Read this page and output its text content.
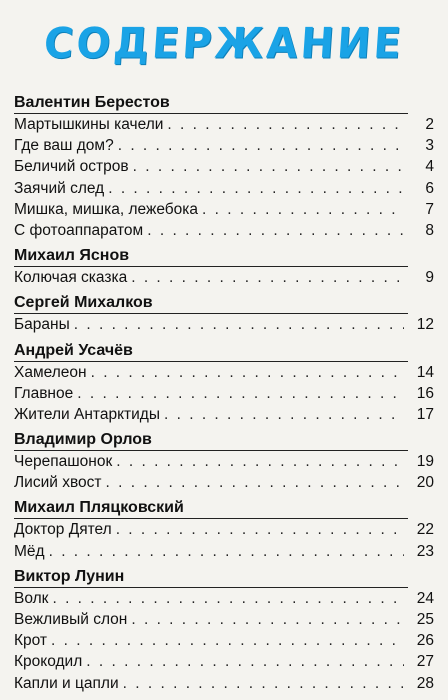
СОДЕРЖАНИЕ
Валентин Берестов
Мартышкины качели . . .	2
Где ваш дом? . . .	3
Беличий остров . . .	4
Заячий след . . .	6
Мишка, мишка, лежебока . . .	7
С фотоаппаратом . . .	8
Михаил Яснов
Колючая сказка . . .	9
Сергей Михалков
Бараны . . .	12
Андрей Усачёв
Хамелеон . . .	14
Главное . . .	16
Жители Антарктиды . . .	17
Владимир Орлов
Черепашонок . . .	19
Лисий хвост . . .	20
Михаил Пляцковский
Доктор Дятел . . .	22
Мёд . . .	23
Виктор Лунин
Волк . . .	24
Вежливый слон . . .	25
Крот . . .	26
Крокодил . . .	27
Капли и цапли . . .	28
